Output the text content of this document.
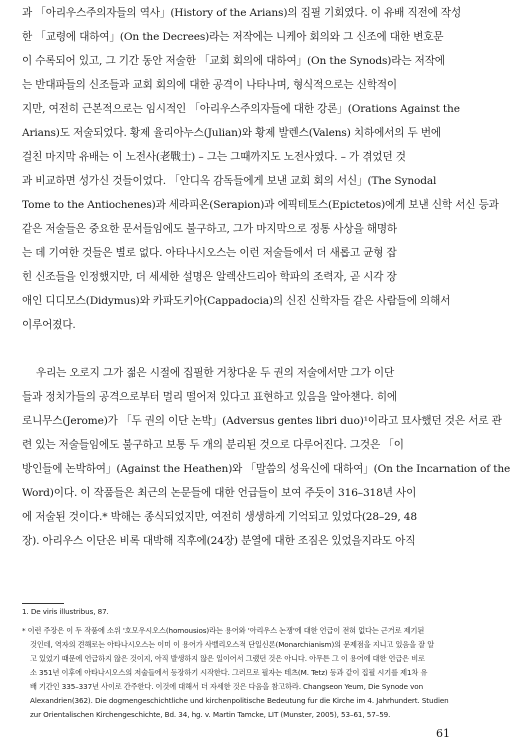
과 「아리우스주의자들의 역사」(History of the Arians)의 집필 기회였다. 이 유배 직전에 작성
한 「교령에 대하여」(On the Decrees)라는 저작에는 니케아 회의와 그 신조에 대한 변호문
이 수록되어 있고, 그 기간 동안 저술한 「교회 회의에 대하여」(On the Synods)라는 저작에
는 반대파들의 신조들과 교회 회의에 대한 공격이 나타나며, 형식적으로는 신학적이
지만, 여전히 근본적으로는 임시적인 「아리우스주의자들에 대한 강론」(Orations Against the
Arians)도 저술되었다. 황제 율리아누스(Julian)와 황제 발렌스(Valens) 치하에서의 두 번에
걸친 마지막 유배는 이 노전사(老戰士) – 그는 그때까지도 노전사였다. – 가 겪었던 것
과 비교하면 성가신 것들이었다. 「안디옥 감독들에게 보낸 교회 회의 서신」(The Synodal
Tome to the Antiochenes)과 세라피온(Serapion)과 에픽테토스(Epictetos)에게 보낸 신학 서신 등과
같은 저술들은 중요한 문서들임에도 불구하고, 그가 마지막으로 정통 사상을 해명하
는 데 기여한 것들은 별로 없다. 아타나시오스는 이런 저술들에서 더 새롭고 균형 잡
힌 신조들을 인정했지만, 더 세세한 설명은 알렉산드리아 학파의 조력자, 곧 시각 장
애인 디디모스(Didymus)와 카파도키아(Cappadocia)의 신진 신학자들 같은 사람들에 의해서
이루어졌다.
우리는 오로지 그가 젊은 시절에 집필한 거창다운 두 권의 저술에서만 그가 이단
들과 정치가들의 공격으로부터 멀리 떨어져 있다고 표현하고 있음을 알아챈다. 히에
로니무스(Jerome)가 「두 권의 이단 논박」(Adversus gentes libri duo)¹이라고 묘사했던 것은 서로 관
련 있는 저술들임에도 불구하고 보통 두 개의 분리된 것으로 다루어진다. 그것은 「이
방인들에 논박하여」(Against the Heathen)와 「말씀의 성육신에 대하여」(On the Incarnation of the
Word)이다. 이 작품들은 최근의 논문들에 대한 언급들이 보여 주듯이 316–318년 사이
에 저술된 것이다.* 박해는 종식되었지만, 여전히 생생하게 기억되고 있었다(28–29, 48
장). 아리우스 이단은 비록 대박해 직후에(24장) 분열에 대한 조짐은 있었을지라도 아직
1. De viris illustribus, 87.
* 이런 주장은 이 두 작품에 소위 '호모우시오스(homousios)라는 용어와 '아리우스 논쟁'에 대한 언급이 전혀 없다는 근거로 제기된
것인데, 역자의 견해로는 아타나시오스는 이미 이 용어가 사벨리오스적 단일신론(Monarchianism)의 문제점을 지니고 있음을 잘 알
고 있었기 때문에 언급하지 않은 것이지, 아직 발생하지 않은 일이어서 그랬던 것은 아니다. 아무튼 그 이 용어에 대한 언급은 비로
소 351년 이후에 아타나시오스의 저술들에서 등장하기 시작한다. 그러므로 필자는 테츠(M. Tetz) 등과 같이 집필 시기를 제1차 유
배 기간인 335–337년 사이로 간주한다. 이것에 대해서 더 자세한 것은 다음을 참고하라. Changseon Yeum, Die Synode von
Alexandrien(362). Die dogmengeschichtliche und kirchenpolitische Bedeutung fur die Kirche im 4. Jahrhundert. Studien
zur Orientalischen Kirchengeschichte, Bd. 34, hg. v. Martin Tamcke, LIT (Munster, 2005), 53–61, 57–59.
61
